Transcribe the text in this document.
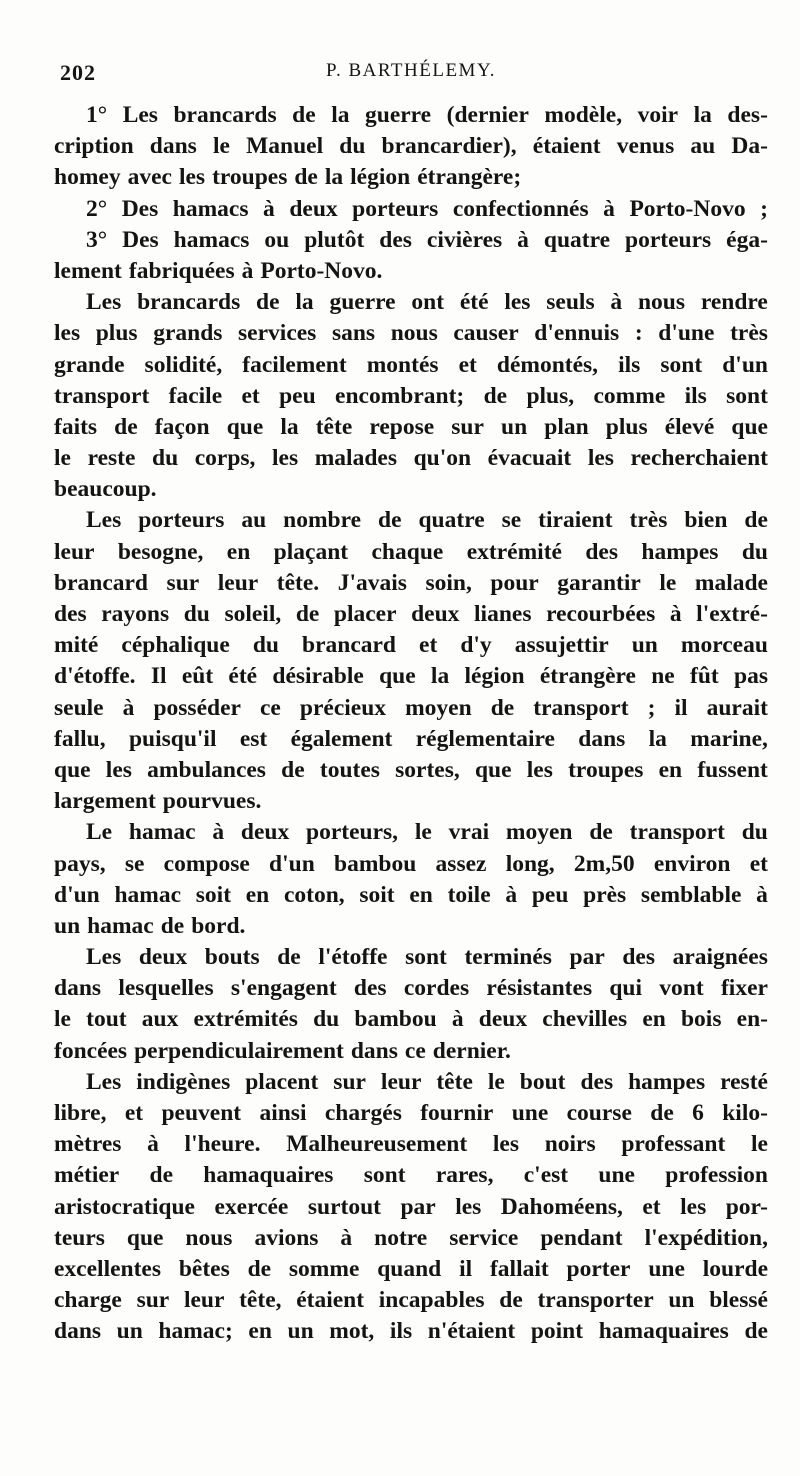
202	P. BARTHÉLEMY.
1° Les brancards de la guerre (dernier modèle, voir la des-
cription dans le Manuel du brancardier), étaient venus au Da-
homey avec les troupes de la légion étrangère;
2° Des hamacs à deux porteurs confectionnés à Porto-Novo ;
3° Des hamacs ou plutôt des civières à quatre porteurs éga-
lement fabriquées à Porto-Novo.
Les brancards de la guerre ont été les seuls à nous rendre
les plus grands services sans nous causer d'ennuis : d'une très
grande solidité, facilement montés et démontés, ils sont d'un
transport facile et peu encombrant; de plus, comme ils sont
faits de façon que la tête repose sur un plan plus élevé que
le reste du corps, les malades qu'on évacuait les recherchaient
beaucoup.
Les porteurs au nombre de quatre se tiraient très bien de
leur besogne, en plaçant chaque extrémité des hampes du
brancard sur leur tête. J'avais soin, pour garantir le malade
des rayons du soleil, de placer deux lianes recourbées à l'extré-
mité céphalique du brancard et d'y assujettir un morceau
d'étoffe. Il eût été désirable que la légion étrangère ne fût pas
seule à posséder ce précieux moyen de transport ; il aurait
fallu, puisqu'il est également réglementaire dans la marine,
que les ambulances de toutes sortes, que les troupes en fussent
largement pourvues.
Le hamac à deux porteurs, le vrai moyen de transport du
pays, se compose d'un bambou assez long, 2m,50 environ et
d'un hamac soit en coton, soit en toile à peu près semblable à
un hamac de bord.
Les deux bouts de l'étoffe sont terminés par des araignées
dans lesquelles s'engagent des cordes résistantes qui vont fixer
le tout aux extrémités du bambou à deux chevilles en bois en-
foncées perpendiculairement dans ce dernier.
Les indigènes placent sur leur tête le bout des hampes resté
libre, et peuvent ainsi chargés fournir une course de 6 kilo-
mètres à l'heure. Malheureusement les noirs professant le
métier de hamaquaires sont rares, c'est une profession
aristocratique exercée surtout par les Dahoméens, et les por-
teurs que nous avions à notre service pendant l'expédition,
excellentes bêtes de somme quand il fallait porter une lourde
charge sur leur tête, étaient incapables de transporter un blessé
dans un hamac; en un mot, ils n'étaient point hamaquaires de
